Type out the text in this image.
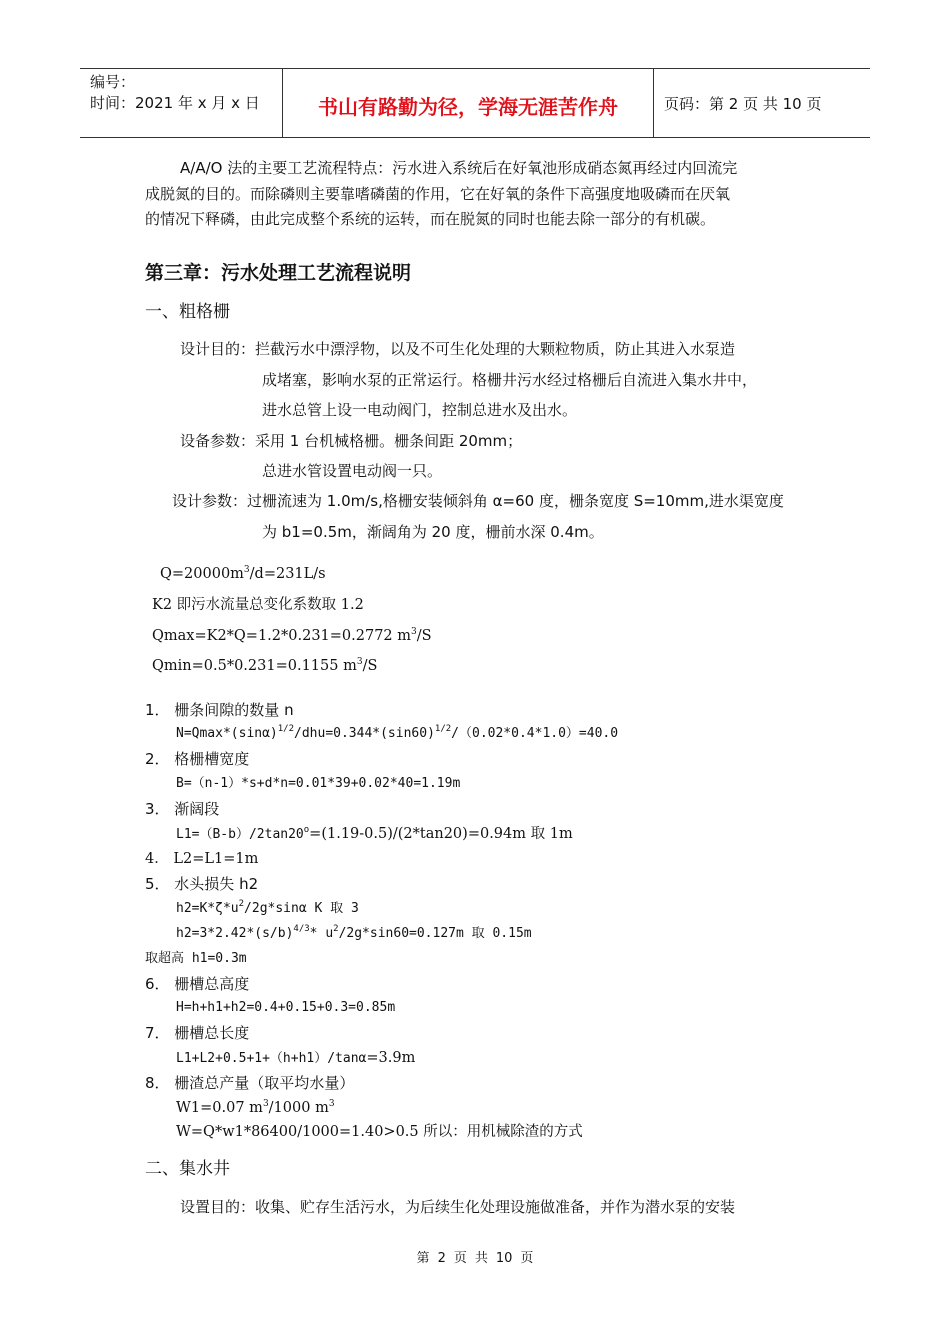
编号：
时间：2021 年 x 月 x 日	书山有路勤为径，学海无涯苦作舟	页码：第 2 页 共 10 页
A/A/O 法的主要工艺流程特点：污水进入系统后在好氧池形成硝态氮再经过内回流完
成脱氮的目的。而除磷则主要靠嗜磷菌的作用，它在好氧的条件下高强度地吸磷而在厌氧
的情况下释磷，由此完成整个系统的运转，而在脱氮的同时也能去除一部分的有机碳。
第三章：污水处理工艺流程说明
一、粗格栅
设计目的：拦截污水中漂浮物，以及不可生化处理的大颗粒物质，防止其进入水泵造
成堵塞，影响水泵的正常运行。格栅井污水经过格栅后自流进入集水井中，
进水总管上设一电动阀门，控制总进水及出水。
设备参数：采用 1 台机械格栅。栅条间距 20mm；
总进水管设置电动阀一只。
设计参数：过栅流速为 1.0m/s,格栅安装倾斜角 α=60 度，栅条宽度 S=10mm,进水渠宽度
为 b1=0.5m，渐阔角为 20 度，栅前水深 0.4m。
$Q=20000m^3/d=231L/s$
K2 即污水流量总变化系数取 1.2
Qmax=K2*Q=1.2*0.231=0.2772 $m^3/S$
Qmin=0.5*0.231=0.1155 $m^3/S$
1． 栅条间隙的数量 n
$N=Qmax*(\sin\alpha)^{1/2}/dhu=0.344*(\sin 60)^{1/2}/(0.02*0.4*1.0)=40.0$
2． 格栅槽宽度
B=（n-1）*s+d*n=0.01*39+0.02*40=1.19m
3． 渐阔段
$L1=(B-b)/2\tan 20^o=(1.19-0.5)/(2*\tan 20)=0.94m$ 取 1m
4． L2=L1=1m
5． 水头损失 h2
$h2=K*\zeta*u^2/2g*\sin\alpha$ K 取 3
$h2=3*2.42*(s/b)^{4/3}*$ $u^2/2g*\sin 60=0.127m$ 取 0.15m
取超高 h1=0.3m
6． 栅槽总高度
H=h+h1+h2=0.4+0.15+0.3=0.85m
7． 栅槽总长度
L1+L2+0.5+1+（h+h1）/tanα=3.9m
8． 栅渣总产量（取平均水量）
W1=0.07 $m^3/1000$ $m^3$
W=Q*w1*86400/1000=1.40>0.5 所以：用机械除渣的方式
二、集水井
设置目的：收集、贮存生活污水，为后续生化处理设施做准备，并作为潜水泵的安装
第 2 页 共 10 页
